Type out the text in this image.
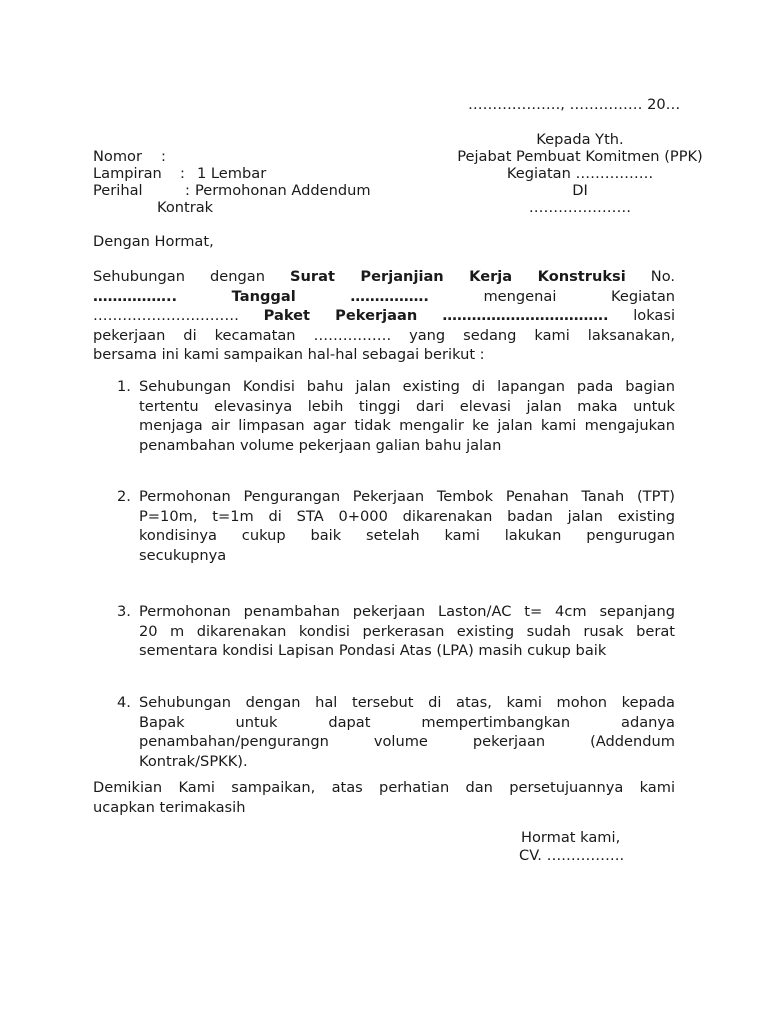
………………., …………… 20…
Kepada Yth.
Pejabat Pembuat Komitmen (PPK)
Kegiatan …………….
DI
…………………
Nomor :
Lampiran : 1 Lembar
Perihal	: Permohonan Addendum
Kontrak
Dengan Hormat,
Sehubungan dengan Surat Perjanjian Kerja Konstruksi No.
……………..	Tanggal	…………….	mengenai	Kegiatan
………………………… Paket Pekerjaan ……………………………. lokasi
pekerjaan di kecamatan ……………. yang sedang kami laksanakan,
bersama ini kami sampaikan hal-hal sebagai berikut :
1. Sehubungan Kondisi bahu jalan existing di lapangan pada bagian
tertentu elevasinya lebih tinggi dari elevasi jalan maka untuk
menjaga air limpasan agar tidak mengalir ke jalan kami mengajukan
penambahan volume pekerjaan galian bahu jalan
2. Permohonan Pengurangan Pekerjaan Tembok Penahan Tanah (TPT)
P=10m, t=1m di STA 0+000 dikarenakan badan jalan existing
kondisinya cukup baik setelah kami lakukan pengurugan
secukupnya
3. Permohonan penambahan pekerjaan Laston/AC t= 4cm sepanjang
20 m dikarenakan kondisi perkerasan existing sudah rusak berat
sementara kondisi Lapisan Pondasi Atas (LPA) masih cukup baik
4. Sehubungan dengan hal tersebut di atas, kami mohon kepada
Bapak untuk dapat mempertimbangkan adanya
penambahan/pengurangn volume pekerjaan (Addendum
Kontrak/SPKK).
Demikian Kami sampaikan, atas perhatian dan persetujuannya kami
ucapkan terimakasih
Hormat kami,
CV. …………….
